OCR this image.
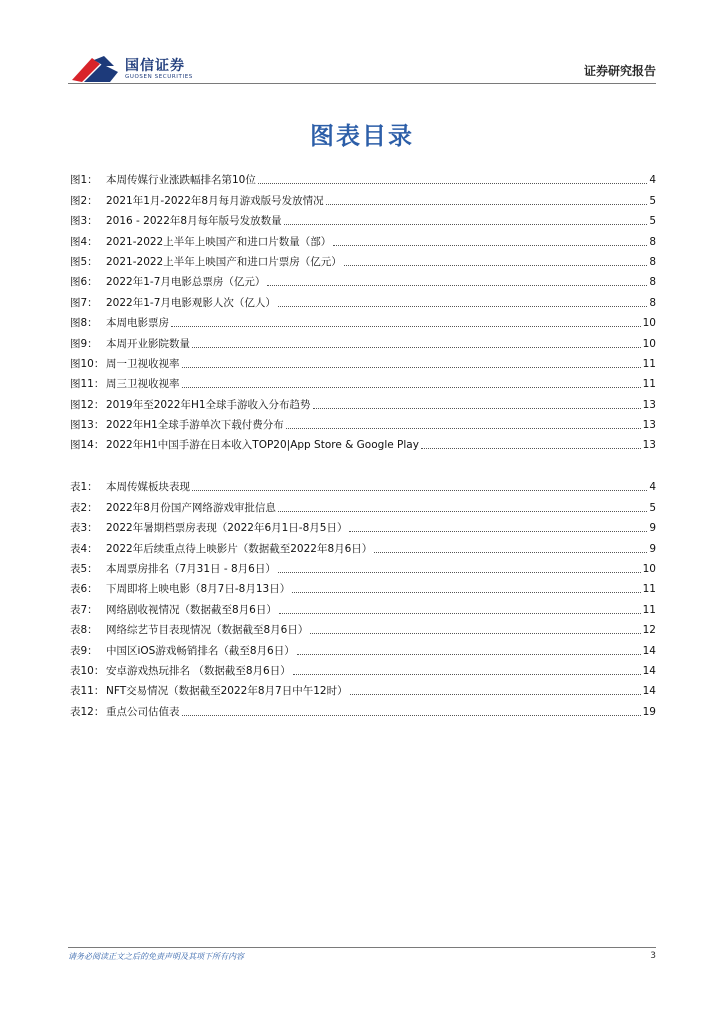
国信证券
GUOSEN SECURITIES	证券研究报告
图表目录
图1： 本周传媒行业涨跌幅排名第10位	4
图2： 2021年1月-2022年8月每月游戏版号发放情况	5
图3： 2016 - 2022年8月每年版号发放数量	5
图4： 2021-2022上半年上映国产和进口片数量（部）	8
图5： 2021-2022上半年上映国产和进口片票房（亿元）	8
图6： 2022年1-7月电影总票房（亿元）	8
图7： 2022年1-7月电影观影人次（亿人）	8
图8： 本周电影票房	10
图9： 本周开业影院数量	10
图10： 周一卫视收视率	11
图11： 周三卫视收视率	11
图12： 2019年至2022年H1全球手游收入分布趋势	13
图13： 2022年H1全球手游单次下载付费分布	13
图14： 2022年H1中国手游在日本收入TOP20|App Store & Google Play	13
表1： 本周传媒板块表现	4
表2： 2022年8月份国产网络游戏审批信息	5
表3： 2022年暑期档票房表现（2022年6月1日-8月5日）	9
表4： 2022年后续重点待上映影片（数据截至2022年8月6日）	9
表5： 本周票房排名（7月31日 - 8月6日）	10
表6： 下周即将上映电影（8月7日-8月13日）	11
表7： 网络剧收视情况（数据截至8月6日）	11
表8： 网络综艺节目表现情况（数据截至8月6日）	12
表9： 中国区iOS游戏畅销排名（截至8月6日）	14
表10： 安卓游戏热玩排名 （数据截至8月6日）	14
表11： NFT交易情况（数据截至2022年8月7日中午12时）	14
表12： 重点公司估值表	19
请务必阅读正文之后的免责声明及其项下所有内容	3
